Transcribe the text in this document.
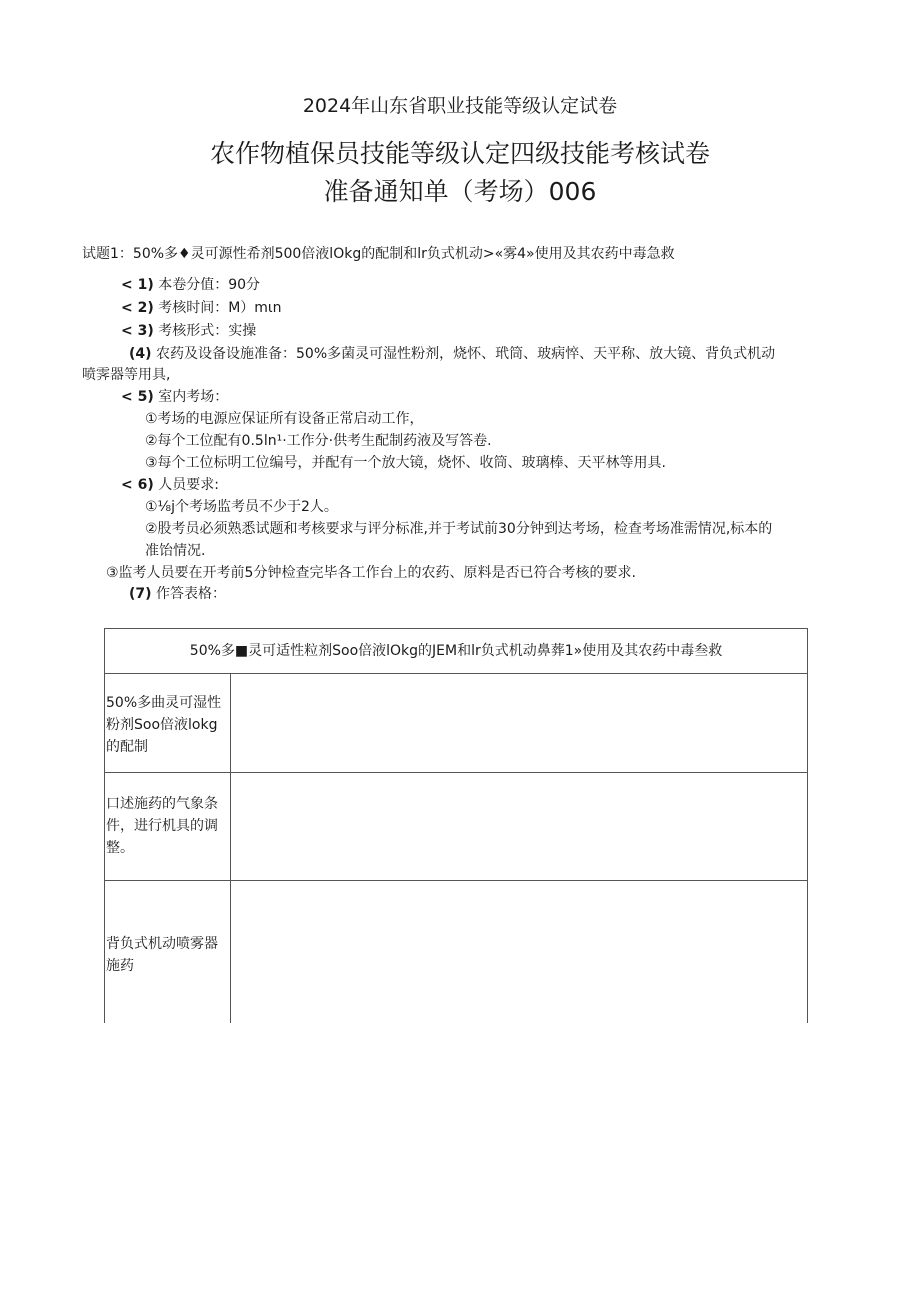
2024年山东省职业技能等级认定试卷
农作物植保员技能等级认定四级技能考核试卷
准备通知单（考场）006
试题1：50%多♦灵可源性希剂500倍液lOkg的配制和lr负式机动>«雾4»使用及其农药中毒急救
< 1) 本卷分值：90分
< 2) 考核时间：M）mιn
< 3) 考核形式：实操
(4) 农药及设备设施准备：50%多菌灵可湿性粉剂，烧怀、玳筒、玻病悴、天平称、放大镜、背负式机动
喷霁器等用具,
< 5) 室内考场：
①考场的电源应保证所有设备正常启动工作，
②每个工位配有0.5ln¹·工作分·供考生配制药液及写答卷.
③每个工位标明工位编号，并配有一个放大镜，烧怀、收筒、玻璃棒、天平林等用具.
< 6) 人员要求:
①⅛j个考场监考员不少于2人。
②股考员必须熟悉试题和考核要求与评分标准,并于考试前30分钟到达考场，检查考场准需情况,标本的
准饴情况.
③监考人员要在开考前5分钟检查完毕各工作台上的农药、原料是否已符合考核的要求.
(7) 作答表格：
50%多■灵可适性粒剂Soo倍液lOkg的JEM和lr负式机动鼻葬1»使用及其农药中毒叁救
50%多曲灵可湿性
粉剂Soo倍液lokg
的配制
口述施药的气象条
件，进行机具的调
整。
背负式机动喷雾器
施药
